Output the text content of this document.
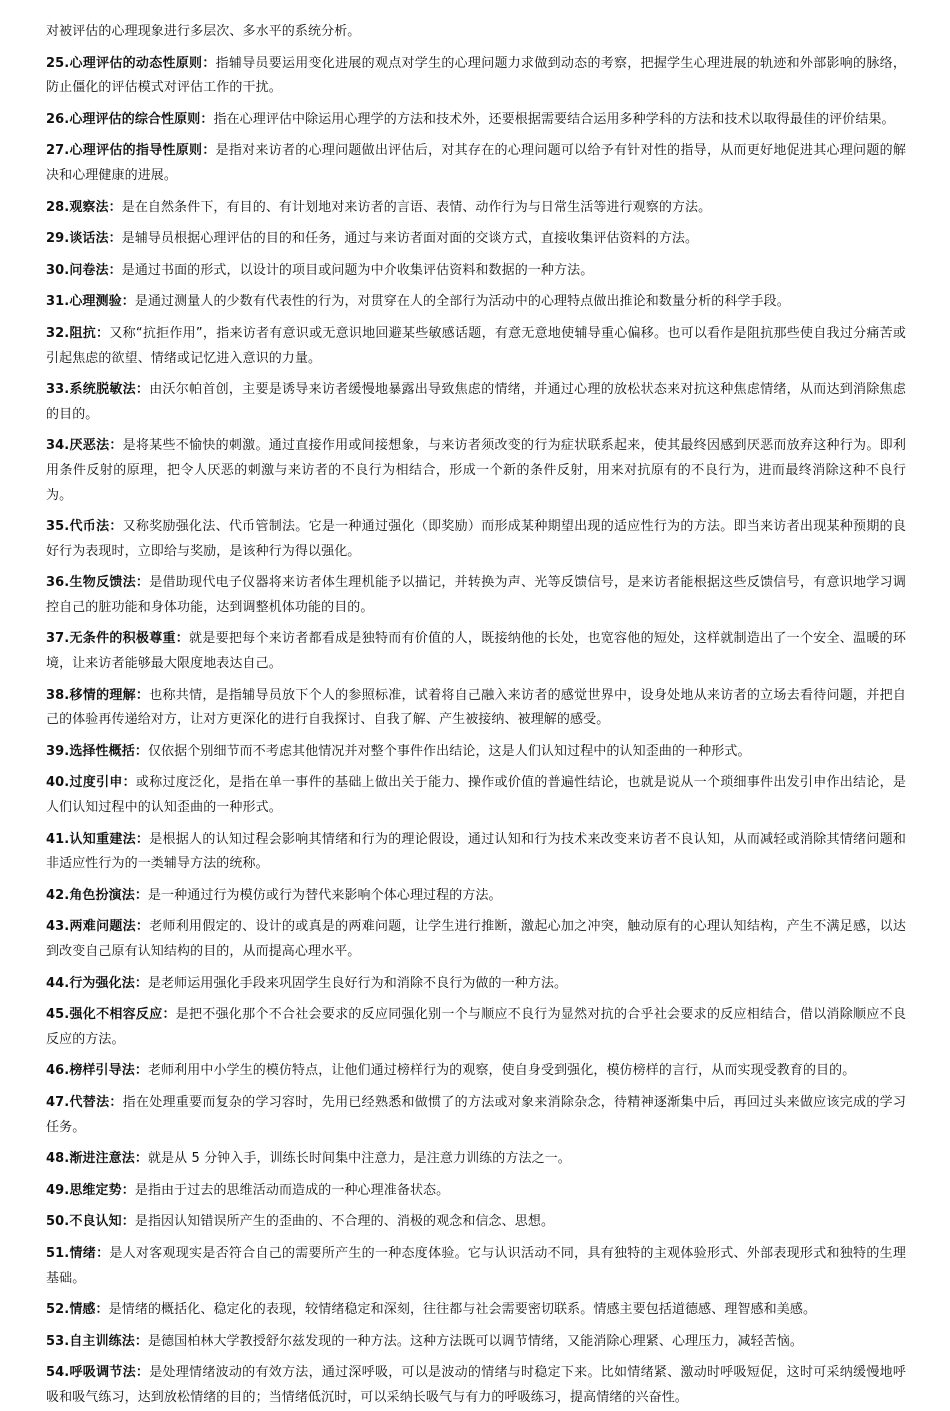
对被评估的心理现象进行多层次、多水平的系统分析。

25.心理评估的动态性原则：指辅导员要运用变化进展的观点对学生的心理问题力求做到动态的考察，把握学生心理进展的轨迹和外部影响的脉络，防止僵化的评估模式对评估工作的干扰。

26.心理评估的综合性原则：指在心理评估中除运用心理学的方法和技术外，还要根据需要结合运用多种学科的方法和技术以取得最佳的评价结果。

27.心理评估的指导性原则：是指对来访者的心理问题做出评估后，对其存在的心理问题可以给予有针对性的指导，从而更好地促进其心理问题的解决和心理健康的进展。

28.观察法：是在自然条件下，有目的、有计划地对来访者的言语、表情、动作行为与日常生活等进行观察的方法。

29.谈话法：是辅导员根据心理评估的目的和任务，通过与来访者面对面的交谈方式，直接收集评估资料的方法。

30.问卷法：是通过书面的形式，以设计的项目或问题为中介收集评估资料和数据的一种方法。

31.心理测验：是通过测量人的少数有代表性的行为，对贯穿在人的全部行为活动中的心理特点做出推论和数量分析的科学手段。

32.阻抗：又称“抗拒作用”，指来访者有意识或无意识地回避某些敏感话题，有意无意地使辅导重心偏移。也可以看作是阻抗那些使自我过分痛苦或引起焦虑的欲望、情绪或记忆进入意识的力量。

33.系统脱敏法：由沃尔帕首创，主要是诱导来访者缓慢地暴露出导致焦虑的情绪，并通过心理的放松状态来对抗这种焦虑情绪，从而达到消除焦虑的目的。

34.厌恶法：是将某些不愉快的刺激。通过直接作用或间接想象，与来访者须改变的行为症状联系起来，使其最终因感到厌恶而放弃这种行为。即利用条件反射的原理，把令人厌恶的刺激与来访者的不良行为相结合，形成一个新的条件反射，用来对抗原有的不良行为，进而最终消除这种不良行为。

35.代币法：又称奖励强化法、代币管制法。它是一种通过强化（即奖励）而形成某种期望出现的适应性行为的方法。即当来访者出现某种预期的良好行为表现时，立即给与奖励，是该种行为得以强化。

36.生物反馈法：是借助现代电子仪器将来访者体生理机能予以描记，并转换为声、光等反馈信号，是来访者能根据这些反馈信号，有意识地学习调控自己的脏功能和身体功能，达到调整机体功能的目的。

37.无条件的积极尊重：就是要把每个来访者都看成是独特而有价值的人，既接纳他的长处，也宽容他的短处，这样就制造出了一个安全、温暖的环境，让来访者能够最大限度地表达自己。

38.移情的理解：也称共情，是指辅导员放下个人的参照标准，试着将自己融入来访者的感觉世界中，设身处地从来访者的立场去看待问题，并把自己的体验再传递给对方，让对方更深化的进行自我探讨、自我了解、产生被接纳、被理解的感受。

39.选择性概括：仅依据个别细节而不考虑其他情况并对整个事件作出结论，这是人们认知过程中的认知歪曲的一种形式。

40.过度引申：或称过度泛化，是指在单一事件的基础上做出关于能力、操作或价值的普遍性结论，也就是说从一个琐细事件出发引申作出结论，是人们认知过程中的认知歪曲的一种形式。

41.认知重建法：是根据人的认知过程会影响其情绪和行为的理论假设，通过认知和行为技术来改变来访者不良认知，从而减轻或消除其情绪问题和非适应性行为的一类辅导方法的统称。

42.角色扮演法：是一种通过行为模仿或行为替代来影响个体心理过程的方法。

43.两难问题法：老师利用假定的、设计的或真是的两难问题，让学生进行推断，激起心加之冲突，触动原有的心理认知结构，产生不满足感，以达到改变自己原有认知结构的目的，从而提高心理水平。

44.行为强化法：是老师运用强化手段来巩固学生良好行为和消除不良行为做的一种方法。

45.强化不相容反应：是把不强化那个不合社会要求的反应同强化别一个与顺应不良行为显然对抗的合乎社会要求的反应相结合，借以消除顺应不良反应的方法。

46.榜样引导法：老师利用中小学生的模仿特点，让他们通过榜样行为的观察，使自身受到强化，模仿榜样的言行，从而实现受教育的目的。

47.代替法：指在处理重要而复杂的学习容时，先用已经熟悉和做惯了的方法或对象来消除杂念，待精神逐渐集中后，再回过头来做应该完成的学习任务。

48.渐进注意法：就是从 5 分钟入手，训练长时间集中注意力，是注意力训练的方法之一。

49.思维定势：是指由于过去的思维活动而造成的一种心理准备状态。

50.不良认知：是指因认知错误所产生的歪曲的、不合理的、消极的观念和信念、思想。

51.情绪：是人对客观现实是否符合自己的需要所产生的一种态度体验。它与认识活动不同，具有独特的主观体验形式、外部表现形式和独特的生理基础。

52.情感：是情绪的概括化、稳定化的表现，较情绪稳定和深刻，往往都与社会需要密切联系。情感主要包括道德感、理智感和美感。

53.自主训练法：是德国柏林大学教授舒尔兹发现的一种方法。这种方法既可以调节情绪，又能消除心理紧、心理压力，减轻苦恼。

54.呼吸调节法：是处理情绪波动的有效方法，通过深呼吸，可以是波动的情绪与时稳定下来。比如情绪紧、激动时呼吸短促，这时可采纳缓慢地呼吸和吸气练习，达到放松情绪的目的；当情绪低沉时，可以采纳长吸气与有力的呼吸练习，提高情绪的兴奋性。
